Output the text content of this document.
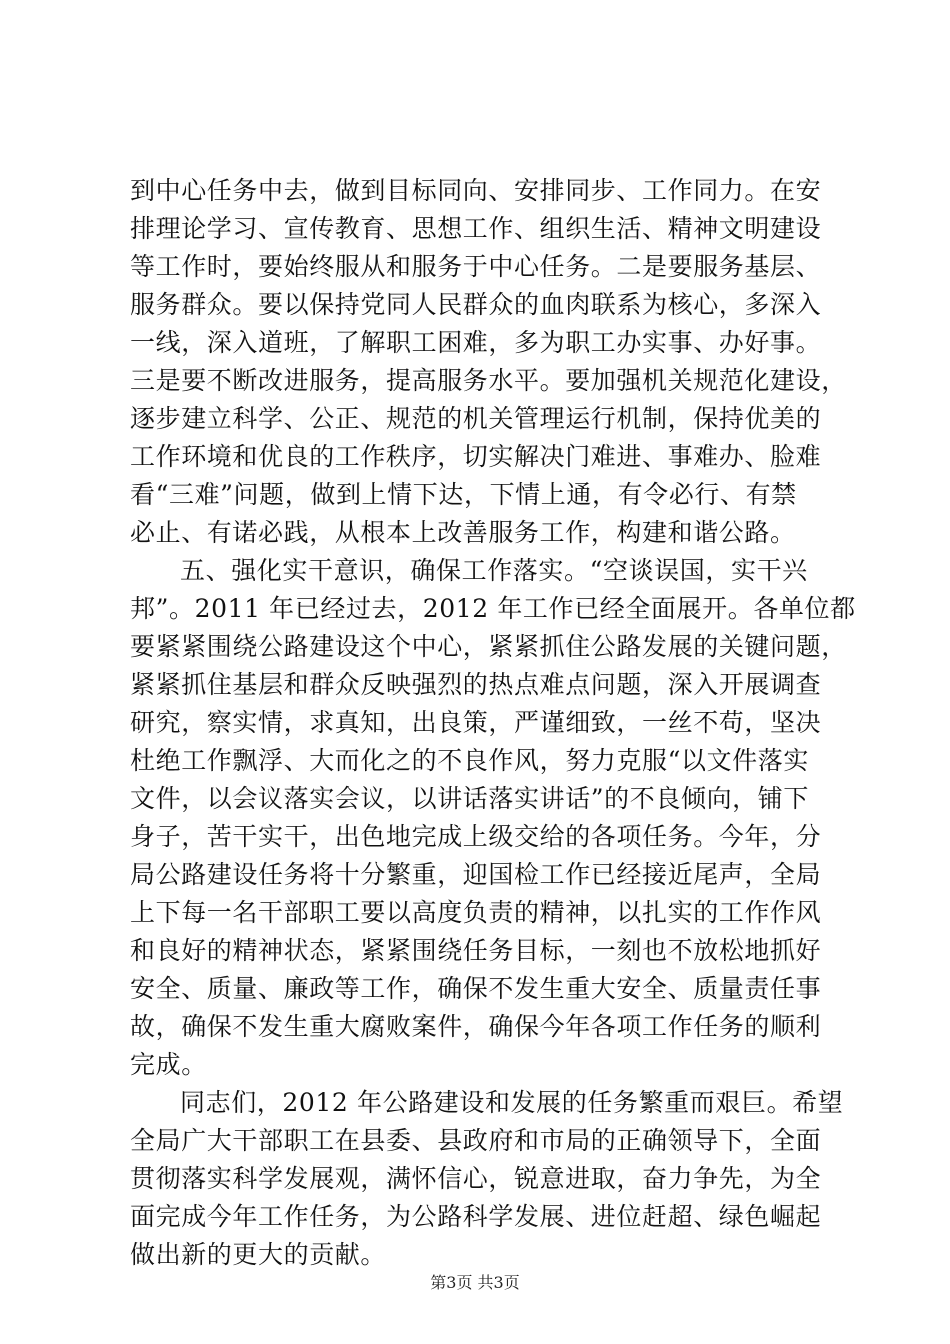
到中心任务中去，做到目标同向、安排同步、工作同力。在安
排理论学习、宣传教育、思想工作、组织生活、精神文明建设
等工作时，要始终服从和服务于中心任务。二是要服务基层、
服务群众。要以保持党同人民群众的血肉联系为核心，多深入
一线，深入道班，了解职工困难，多为职工办实事、办好事。
三是要不断改进服务，提高服务水平。要加强机关规范化建设，
逐步建立科学、公正、规范的机关管理运行机制，保持优美的
工作环境和优良的工作秩序，切实解决门难进、事难办、脸难
看“三难”问题，做到上情下达，下情上通，有令必行、有禁
必止、有诺必践，从根本上改善服务工作，构建和谐公路。
五、强化实干意识，确保工作落实。“空谈误国，实干兴
邦”。2011 年已经过去，2012 年工作已经全面展开。各单位都
要紧紧围绕公路建设这个中心，紧紧抓住公路发展的关键问题，
紧紧抓住基层和群众反映强烈的热点难点问题，深入开展调查
研究，察实情，求真知，出良策，严谨细致，一丝不苟，坚决
杜绝工作飘浮、大而化之的不良作风，努力克服“以文件落实
文件，以会议落实会议，以讲话落实讲话”的不良倾向，铺下
身子，苦干实干，出色地完成上级交给的各项任务。今年，分
局公路建设任务将十分繁重，迎国检工作已经接近尾声，全局
上下每一名干部职工要以高度负责的精神，以扎实的工作作风
和良好的精神状态，紧紧围绕任务目标，一刻也不放松地抓好
安全、质量、廉政等工作，确保不发生重大安全、质量责任事
故，确保不发生重大腐败案件，确保今年各项工作任务的顺利
完成。
同志们，2012 年公路建设和发展的任务繁重而艰巨。希望
全局广大干部职工在县委、县政府和市局的正确领导下，全面
贯彻落实科学发展观，满怀信心，锐意进取，奋力争先，为全
面完成今年工作任务，为公路科学发展、进位赶超、绿色崛起
做出新的更大的贡献。
第3页 共3页
